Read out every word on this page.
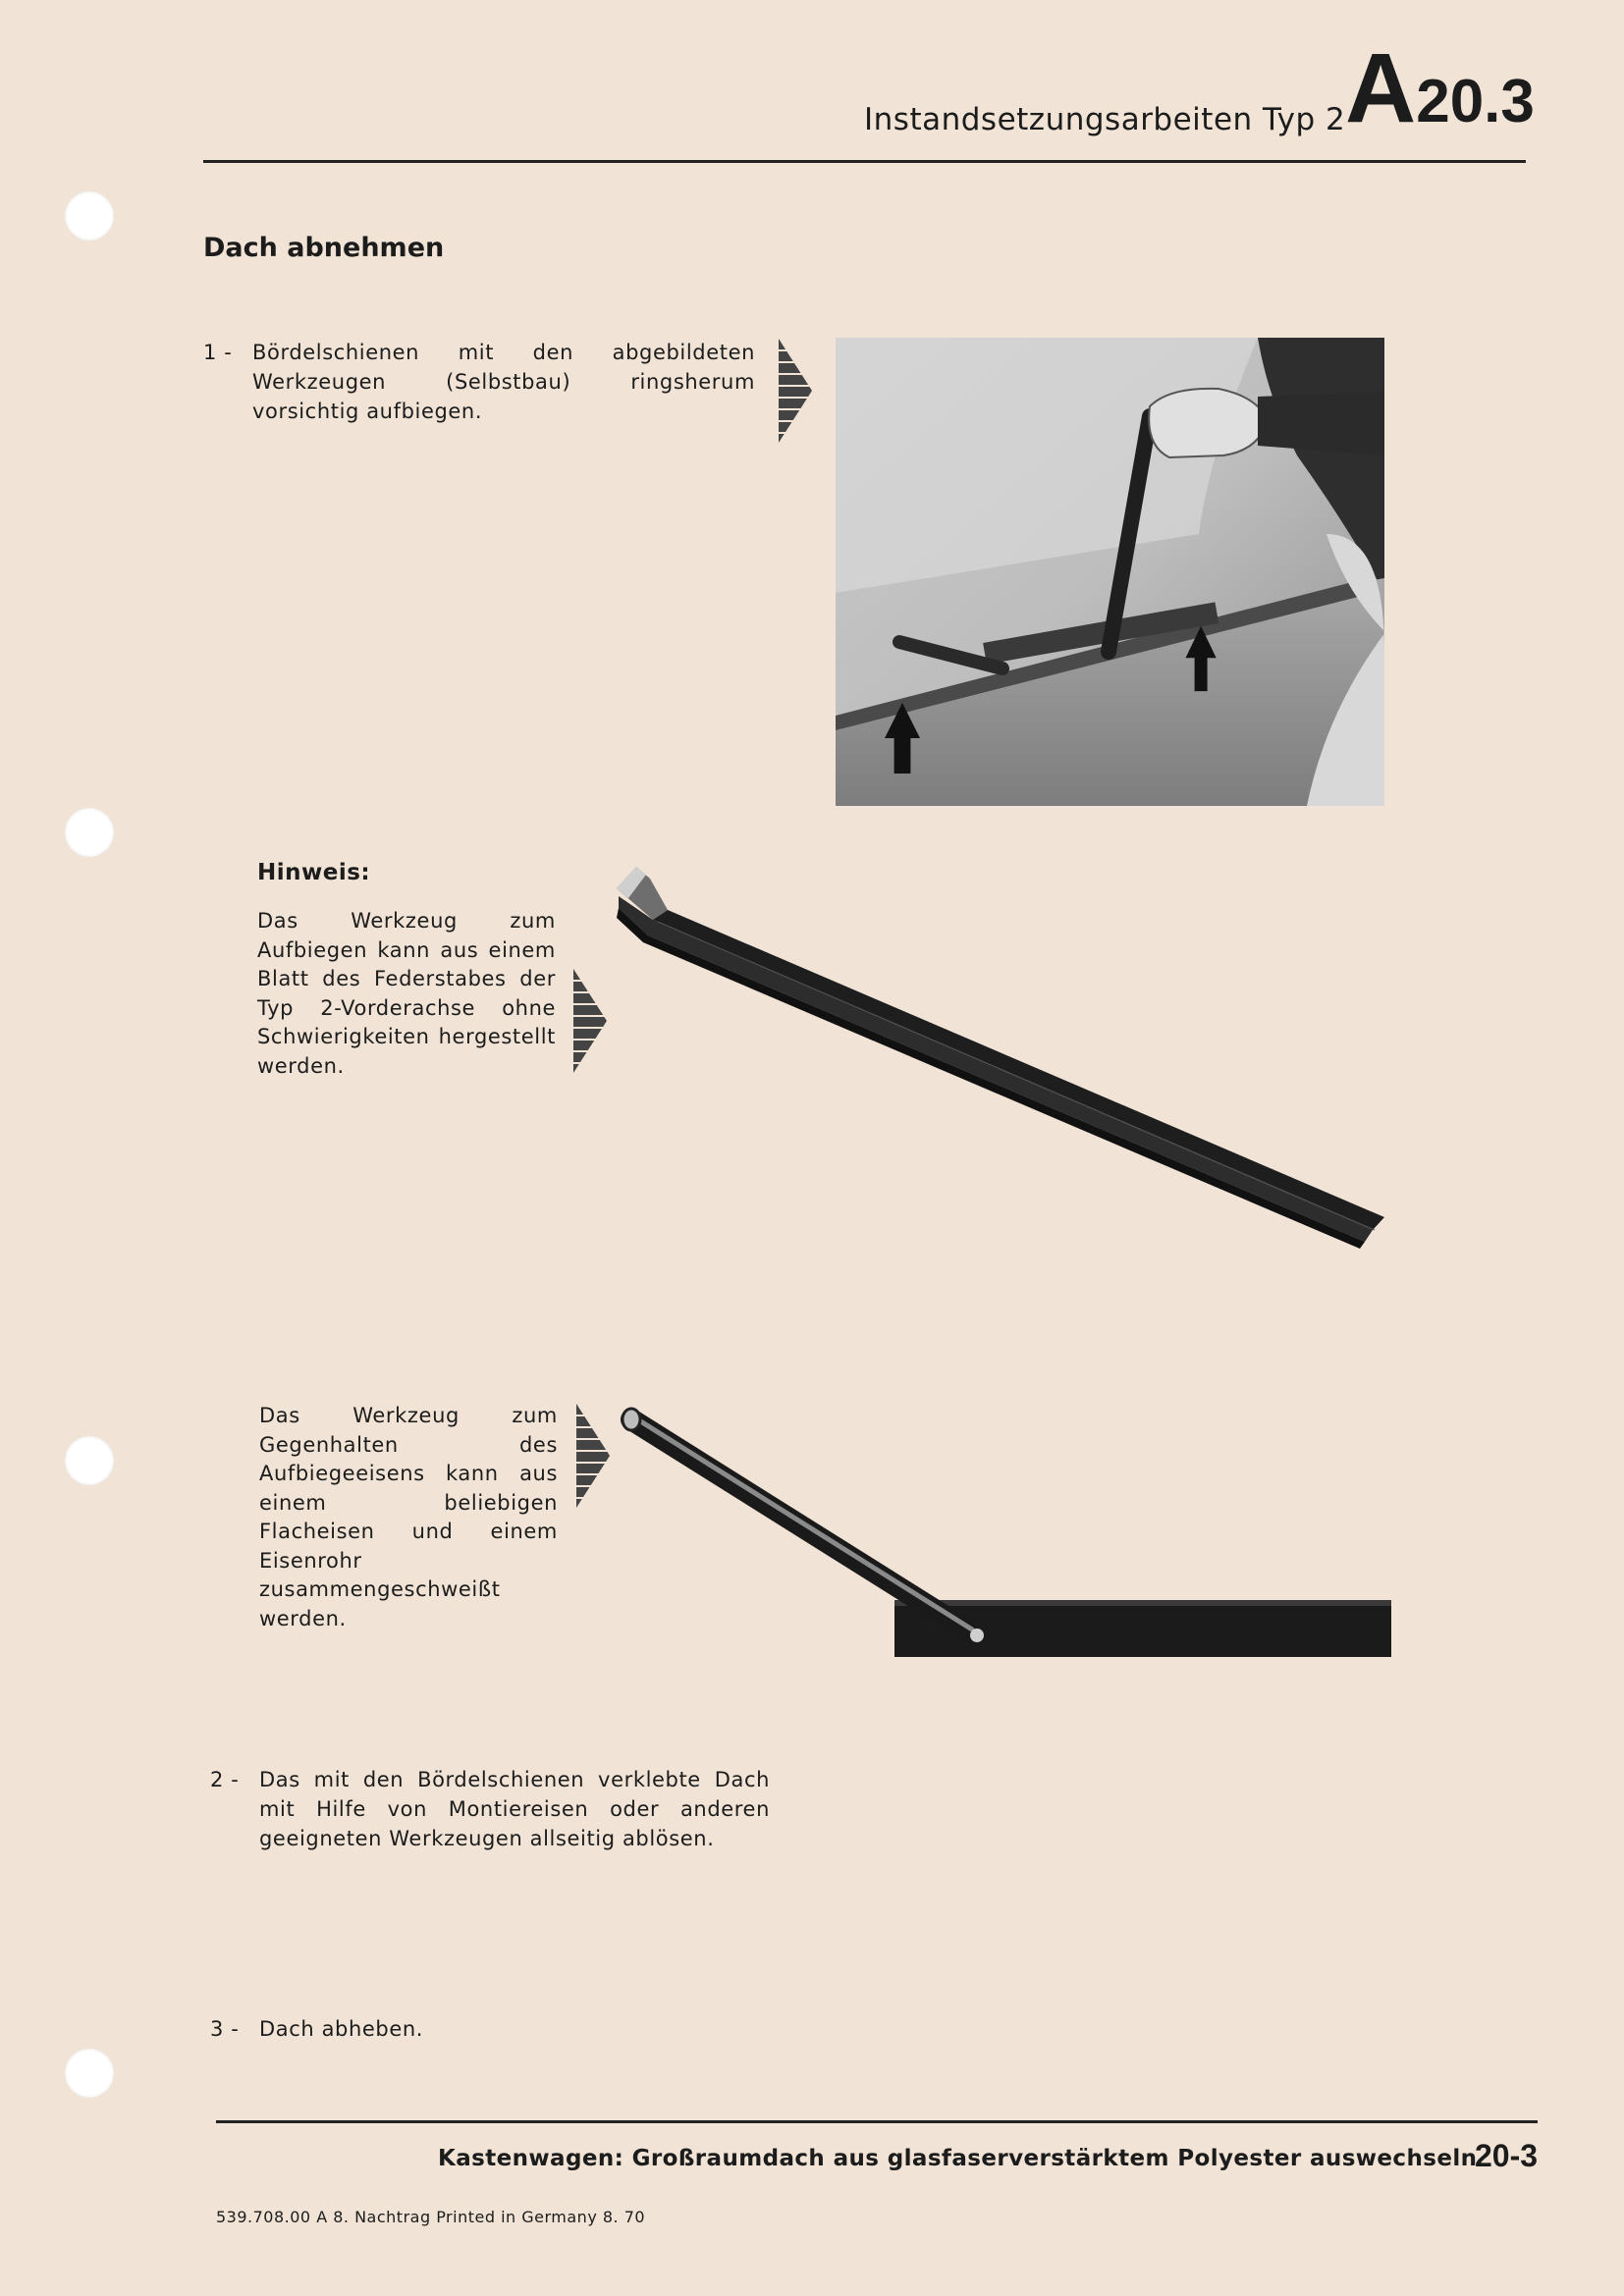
Instandsetzungsarbeiten Typ 2 A20.3
Dach abnehmen
1 - Bördelschienen mit den abgebildeten Werkzeugen (Selbstbau) ringsherum vorsichtig aufbiegen.
Hinweis:
Das Werkzeug zum Aufbiegen kann aus einem Blatt des Federstabes der Typ 2-Vorderachse ohne Schwierigkeiten hergestellt werden.
Das Werkzeug zum Gegenhalten des Aufbiegeeisens kann aus einem beliebigen Flacheisen und einem Eisenrohr zusammengeschweißt werden.
2 - Das mit den Bördelschienen verklebte Dach mit Hilfe von Montiereisen oder anderen geeigneten Werkzeugen allseitig ablösen.
3 - Dach abheben.
Kastenwagen: Großraumdach aus glasfaserverstärktem Polyester auswechseln
20-3
539.708.00 A 8. Nachtrag Printed in Germany 8. 70
